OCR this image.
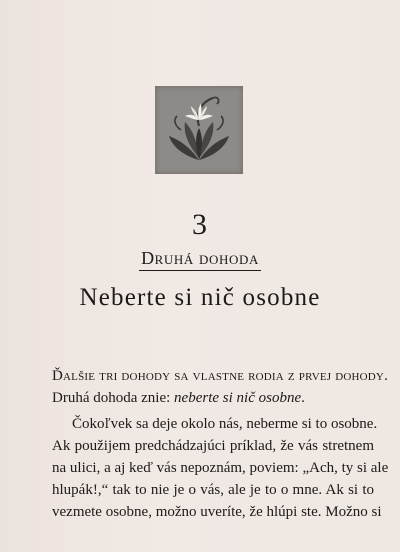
3
Druhá dohoda
Neberte si nič osobne

Ďalšie tri dohody sa vlastne rodia z prvej dohody.

Druhá dohoda znie: neberte si nič osobne.

Čokoľvek sa deje okolo nás, neberme si to osobne.
Ak použijem predchádzajúci príklad, že vás stretnem
na ulici, a aj keď vás nepoznám, poviem: „Ach, ty si ale
hlupák!,“ tak to nie je o vás, ale je to o mne. Ak si to
vezmete osobne, možno uveríte, že hlúpi ste. Možno si
